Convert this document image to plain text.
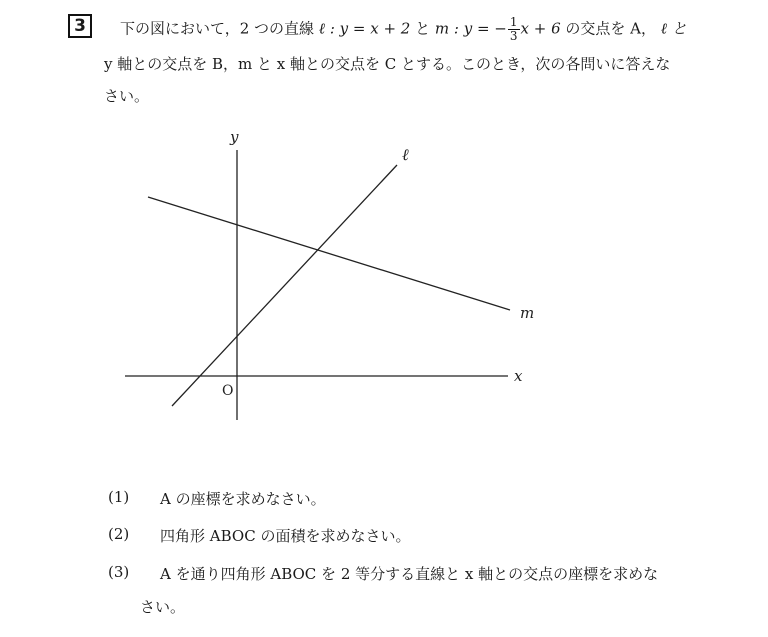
3	下の図において，2 つの直線 ℓ : y = x + 2 と m : y = − $\frac{1}{3}$ x + 6 の交点を A， ℓ と
y 軸との交点を B，m と x 軸との交点を C とする。このとき，次の各問いに答えな
さい。
y
x
O
ℓ
m
(1) A の座標を求めなさい。
(2) 四角形 ABOC の面積を求めなさい。
(3) A を通り四角形 ABOC を 2 等分する直線と x 軸との交点の座標を求めな
さい。
